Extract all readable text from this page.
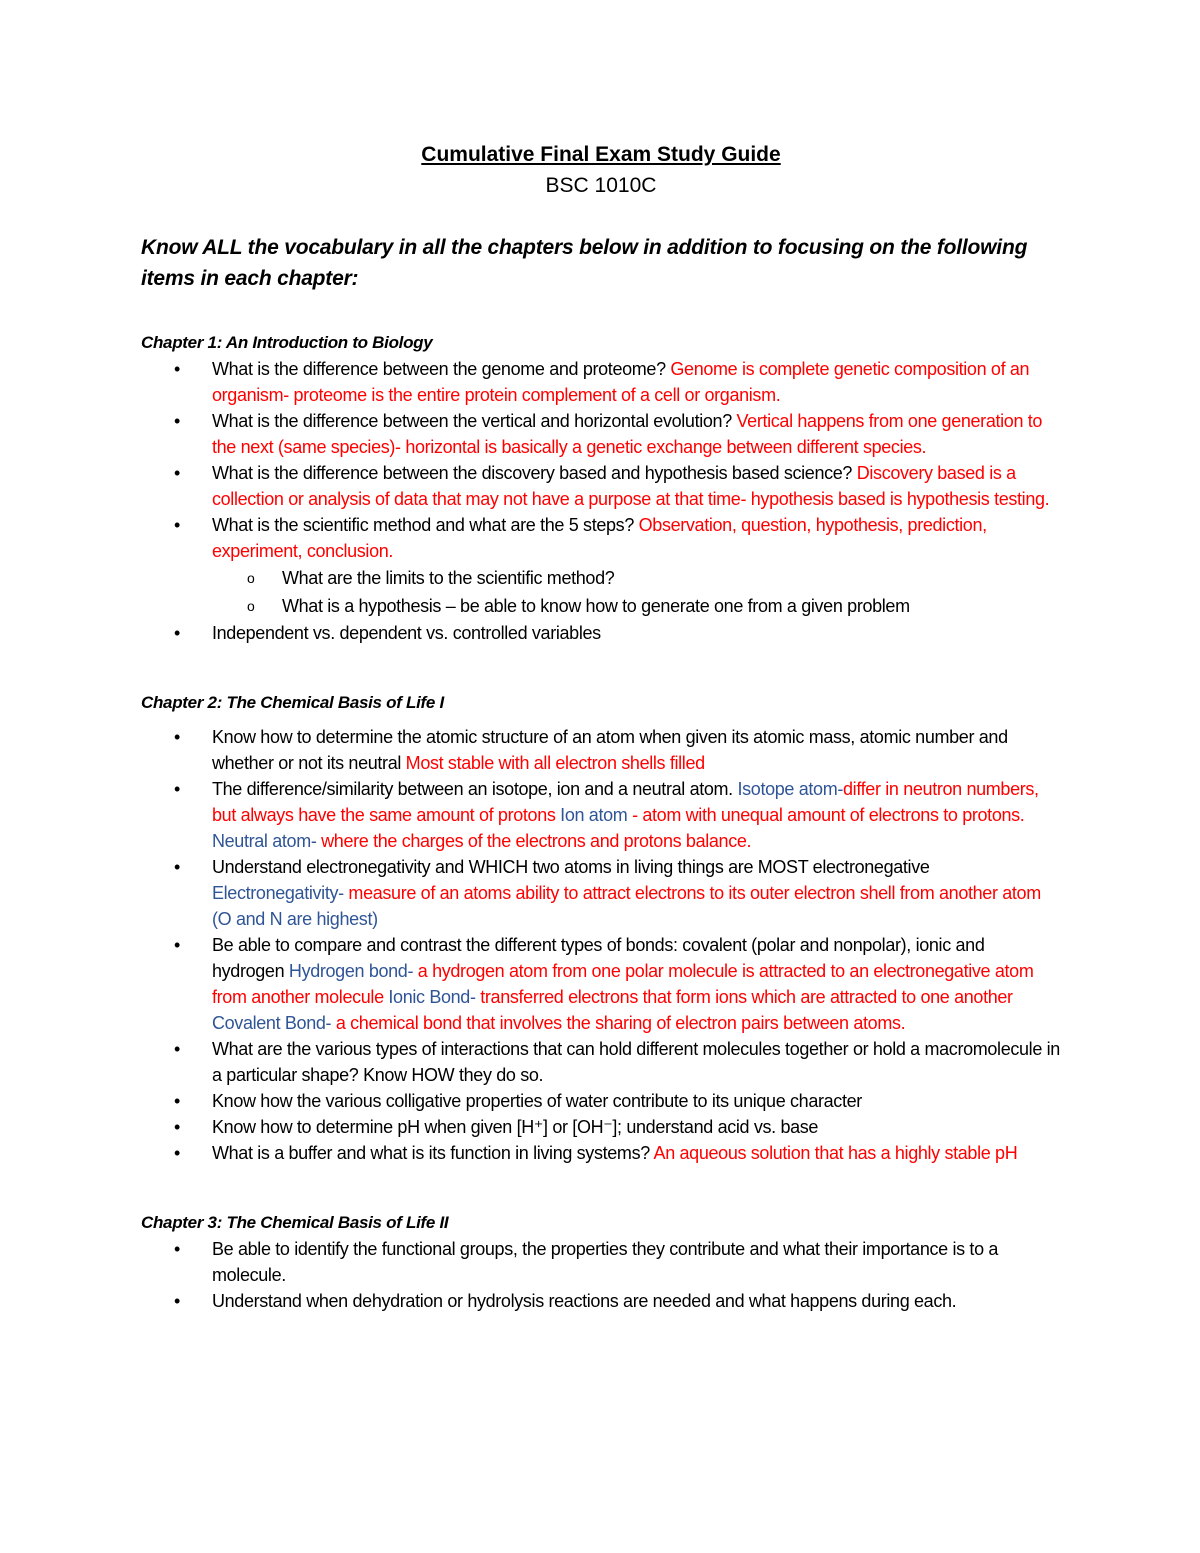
Cumulative Final Exam Study Guide
BSC 1010C
Know ALL the vocabulary in all the chapters below in addition to focusing on the following items in each chapter:
Chapter 1: An Introduction to Biology
• What is the difference between the genome and proteome? Genome is complete genetic composition of an organism- proteome is the entire protein complement of a cell or organism.
• What is the difference between the vertical and horizontal evolution? Vertical happens from one generation to the next (same species)- horizontal is basically a genetic exchange between different species.
• What is the difference between the discovery based and hypothesis based science? Discovery based is a collection or analysis of data that may not have a purpose at that time- hypothesis based is hypothesis testing.
• What is the scientific method and what are the 5 steps? Observation, question, hypothesis, prediction, experiment, conclusion.
o What are the limits to the scientific method?
o What is a hypothesis – be able to know how to generate one from a given problem
• Independent vs. dependent vs. controlled variables
Chapter 2: The Chemical Basis of Life I
• Know how to determine the atomic structure of an atom when given its atomic mass, atomic number and whether or not its neutral Most stable with all electron shells filled
• The difference/similarity between an isotope, ion and a neutral atom. Isotope atom-differ in neutron numbers, but always have the same amount of protons Ion atom - atom with unequal amount of electrons to protons. Neutral atom- where the charges of the electrons and protons balance.
• Understand electronegativity and WHICH two atoms in living things are MOST electronegative Electronegativity- measure of an atoms ability to attract electrons to its outer electron shell from another atom (O and N are highest)
• Be able to compare and contrast the different types of bonds: covalent (polar and nonpolar), ionic and hydrogen Hydrogen bond- a hydrogen atom from one polar molecule is attracted to an electronegative atom from another molecule Ionic Bond- transferred electrons that form ions which are attracted to one another Covalent Bond- a chemical bond that involves the sharing of electron pairs between atoms.
• What are the various types of interactions that can hold different molecules together or hold a macromolecule in a particular shape? Know HOW they do so.
• Know how the various colligative properties of water contribute to its unique character
• Know how to determine pH when given [H⁺] or [OH⁻]; understand acid vs. base
• What is a buffer and what is its function in living systems? An aqueous solution that has a highly stable pH
Chapter 3: The Chemical Basis of Life II
• Be able to identify the functional groups, the properties they contribute and what their importance is to a molecule.
• Understand when dehydration or hydrolysis reactions are needed and what happens during each.
